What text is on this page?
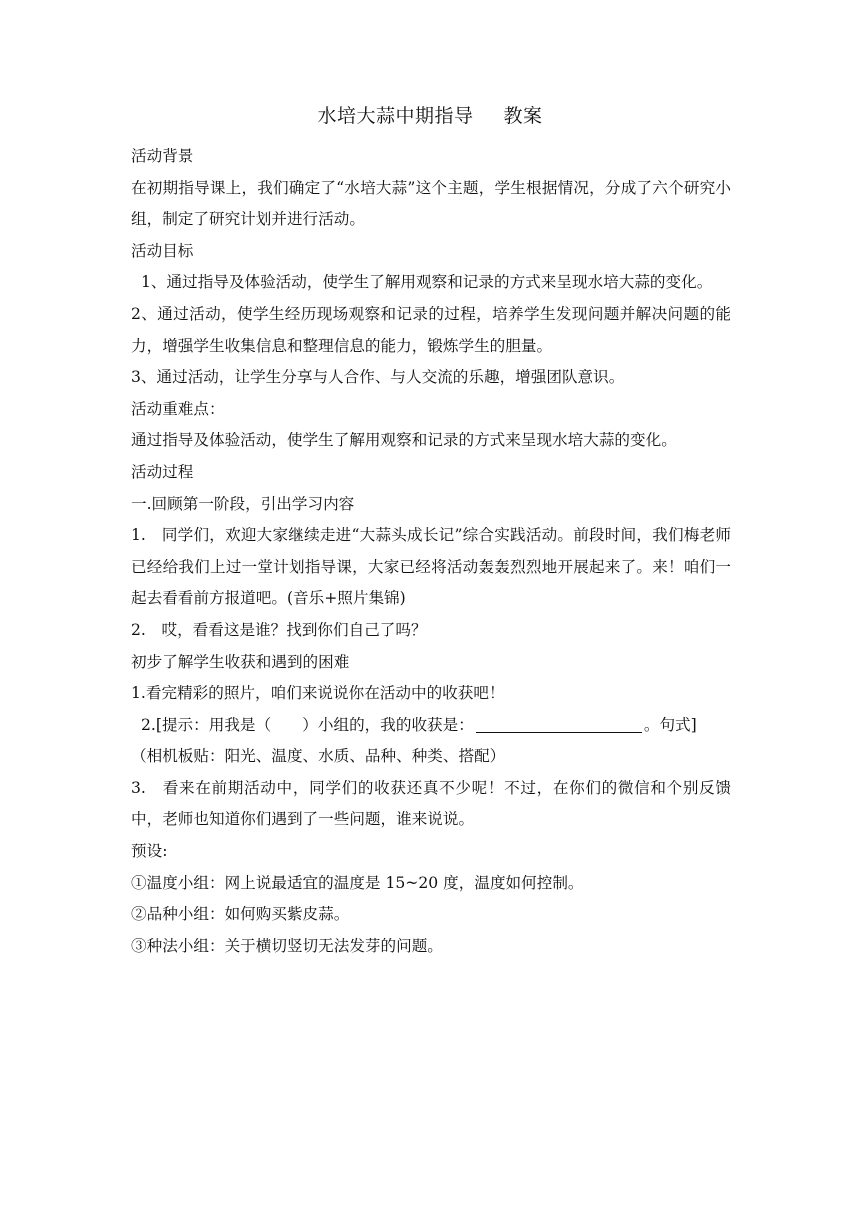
水培大蒜中期指导 教案

活动背景

在初期指导课上，我们确定了“水培大蒜”这个主题，学生根据情况，分成了六个研究小组，制定了研究计划并进行活动。

活动目标

1、通过指导及体验活动，使学生了解用观察和记录的方式来呈现水培大蒜的变化。

2、通过活动，使学生经历现场观察和记录的过程，培养学生发现问题并解决问题的能力，增强学生收集信息和整理信息的能力，锻炼学生的胆量。

3、通过活动，让学生分享与人合作、与人交流的乐趣，增强团队意识。

活动重难点：

通过指导及体验活动，使学生了解用观察和记录的方式来呈现水培大蒜的变化。

活动过程

一.回顾第一阶段，引出学习内容

1.　同学们，欢迎大家继续走进“大蒜头成长记”综合实践活动。前段时间，我们梅老师已经给我们上过一堂计划指导课，大家已经将活动轰轰烈烈地开展起来了。来！咱们一起去看看前方报道吧。(音乐+照片集锦)

2.　哎，看看这是谁？找到你们自己了吗？

初步了解学生收获和遇到的困难

1.看完精彩的照片，咱们来说说你在活动中的收获吧！

2.[提示：用我是（　　）小组的，我的收获是：	。句式]

（相机板贴：阳光、温度、水质、品种、种类、搭配）

3.　看来在前期活动中，同学们的收获还真不少呢！不过，在你们的微信和个别反馈中，老师也知道你们遇到了一些问题，谁来说说。

预设:

①温度小组：网上说最适宜的温度是 15~20 度，温度如何控制。

②品种小组：如何购买紫皮蒜。

③种法小组：关于横切竖切无法发芽的问题。
